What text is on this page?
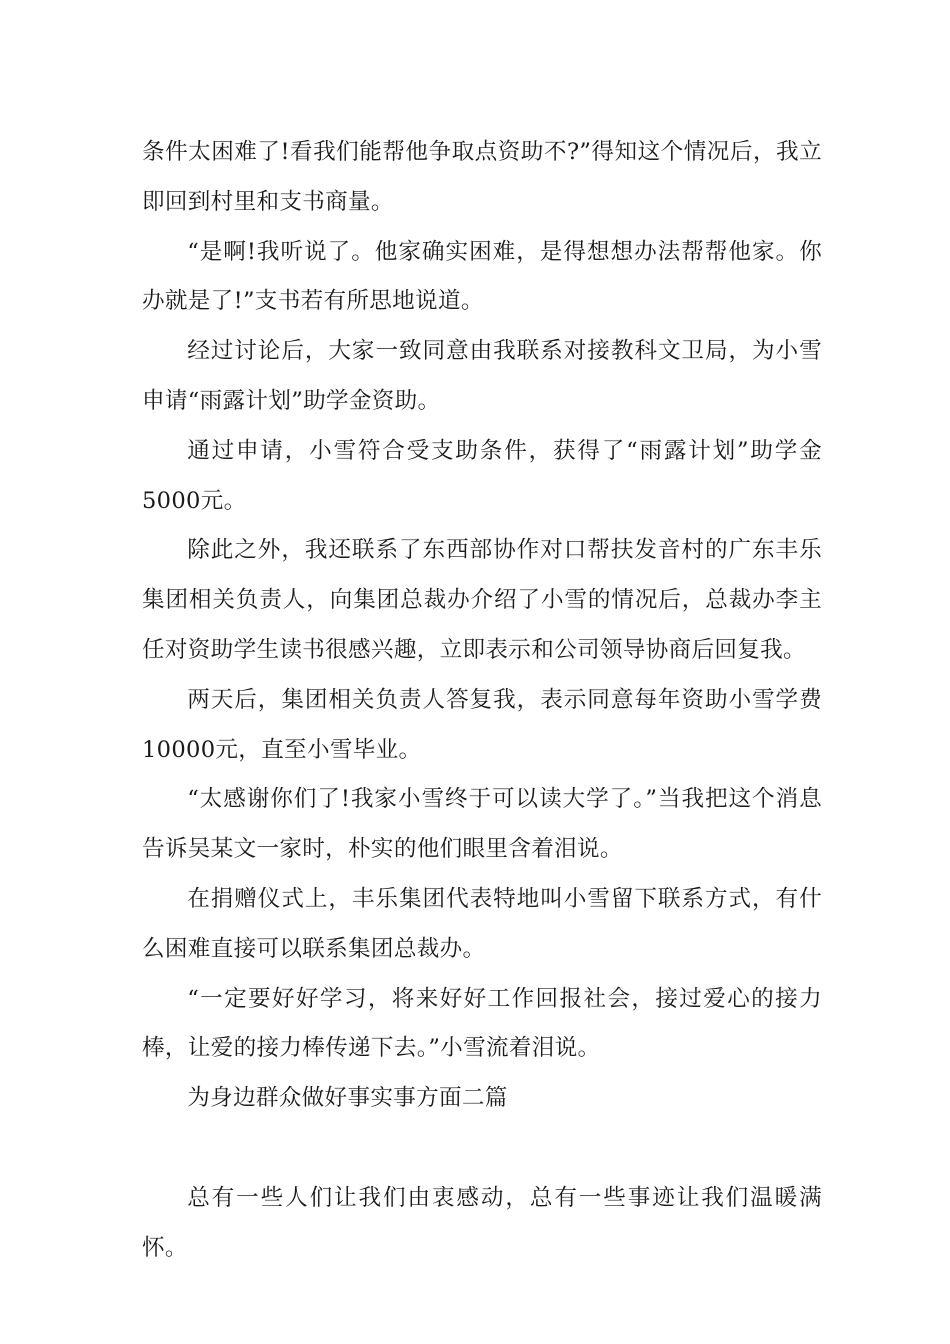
条件太困难了!看我们能帮他争取点资助不?”得知这个情况后，我立即回到村里和支书商量。

“是啊!我听说了。他家确实困难，是得想想办法帮帮他家。你办就是了!”支书若有所思地说道。

经过讨论后，大家一致同意由我联系对接教科文卫局，为小雪申请“雨露计划”助学金资助。

通过申请，小雪符合受支助条件，获得了“雨露计划”助学金5000元。

除此之外，我还联系了东西部协作对口帮扶发音村的广东丰乐集团相关负责人，向集团总裁办介绍了小雪的情况后，总裁办李主任对资助学生读书很感兴趣，立即表示和公司领导协商后回复我。

两天后，集团相关负责人答复我，表示同意每年资助小雪学费10000元，直至小雪毕业。

“太感谢你们了!我家小雪终于可以读大学了。”当我把这个消息告诉吴某文一家时，朴实的他们眼里含着泪说。

在捐赠仪式上，丰乐集团代表特地叫小雪留下联系方式，有什么困难直接可以联系集团总裁办。

“一定要好好学习，将来好好工作回报社会，接过爱心的接力棒，让爱的接力棒传递下去。”小雪流着泪说。

为身边群众做好事实事方面二篇

总有一些人们让我们由衷感动，总有一些事迹让我们温暖满怀。
